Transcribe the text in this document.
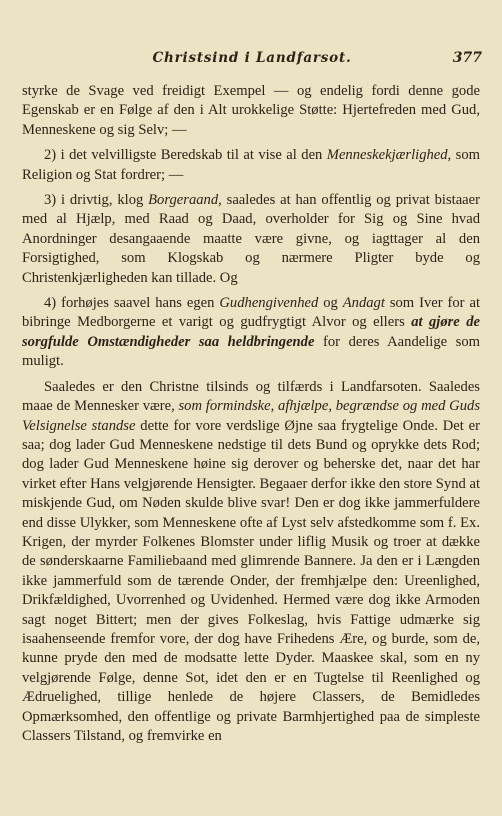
Christsind i Landfarsot.	377

styrke de Svage ved freidigt Exempel — og endelig fordi denne gode Egenskab er en Følge af den i Alt urokkelige Støtte: Hjertefreden med Gud, Menneskene og sig Selv; —

2) i det velvilligste Beredskab til at vise al den Menneskekjærlighed, som Religion og Stat fordrer; —

3) i drivtig, klog Borgeraand, saaledes at han offentlig og privat bistaaer med al Hjælp, med Raad og Daad, overholder for Sig og Sine hvad Anordninger desangaaende maatte være givne, og iagttager al den Forsigtighed, som Klogskab og nærmere Pligter byde og Christenkjærligheden kan tillade. Og

4) forhøjes saavel hans egen Gudhengivenhed og Andagt som Iver for at bibringe Medborgerne et varigt og gudfrygtigt Alvor og ellers at gjøre de sorgfulde Omstændigheder saa heldbringende for deres Aandelige som muligt.

Saaledes er den Christne tilsinds og tilfærds i Landfarsoten. Saaledes maae de Mennesker være, som formindske, afhjælpe, begrændse og med Guds Velsignelse standse dette for vore verdslige Øjne saa frygtelige Onde. Det er saa; dog lader Gud Menneskene nedstige til dets Bund og oprykke dets Rod; dog lader Gud Menneskene høine sig derover og beherske det, naar det har virket efter Hans velgjørende Hensigter. Begaaer derfor ikke den store Synd at miskjende Gud, om Nøden skulde blive svar! Den er dog ikke jammerfuldere end disse Ulykker, som Menneskene ofte af Lyst selv afstedkomme som f. Ex. Krigen, der myrder Folkenes Blomster under liflig Musik og troer at dække de sønderskaarne Familiebaand med glimrende Bannere. Ja den er i Længden ikke jammerfuld som de tærende Onder, der fremhjælpe den: Ureenlighed, Drikfældighed, Uvorrenhed og Uvidenhed. Hermed være dog ikke Armoden sagt noget Bittert; men der gives Folkeslag, hvis Fattige udmærke sig isaahenseende fremfor vore, der dog have Frihedens Ære, og burde, som de, kunne pryde den med de modsatte lette Dyder. Maaskee skal, som en ny velgjørende Følge, denne Sot, idet den er en Tugtelse til Reenlighed og Ædruelighed, tillige henlede de højere Classers, de Bemidledes Opmærksomhed, den offentlige og private Barmhjertighed paa de simpleste Classers Tilstand, og fremvirke en
